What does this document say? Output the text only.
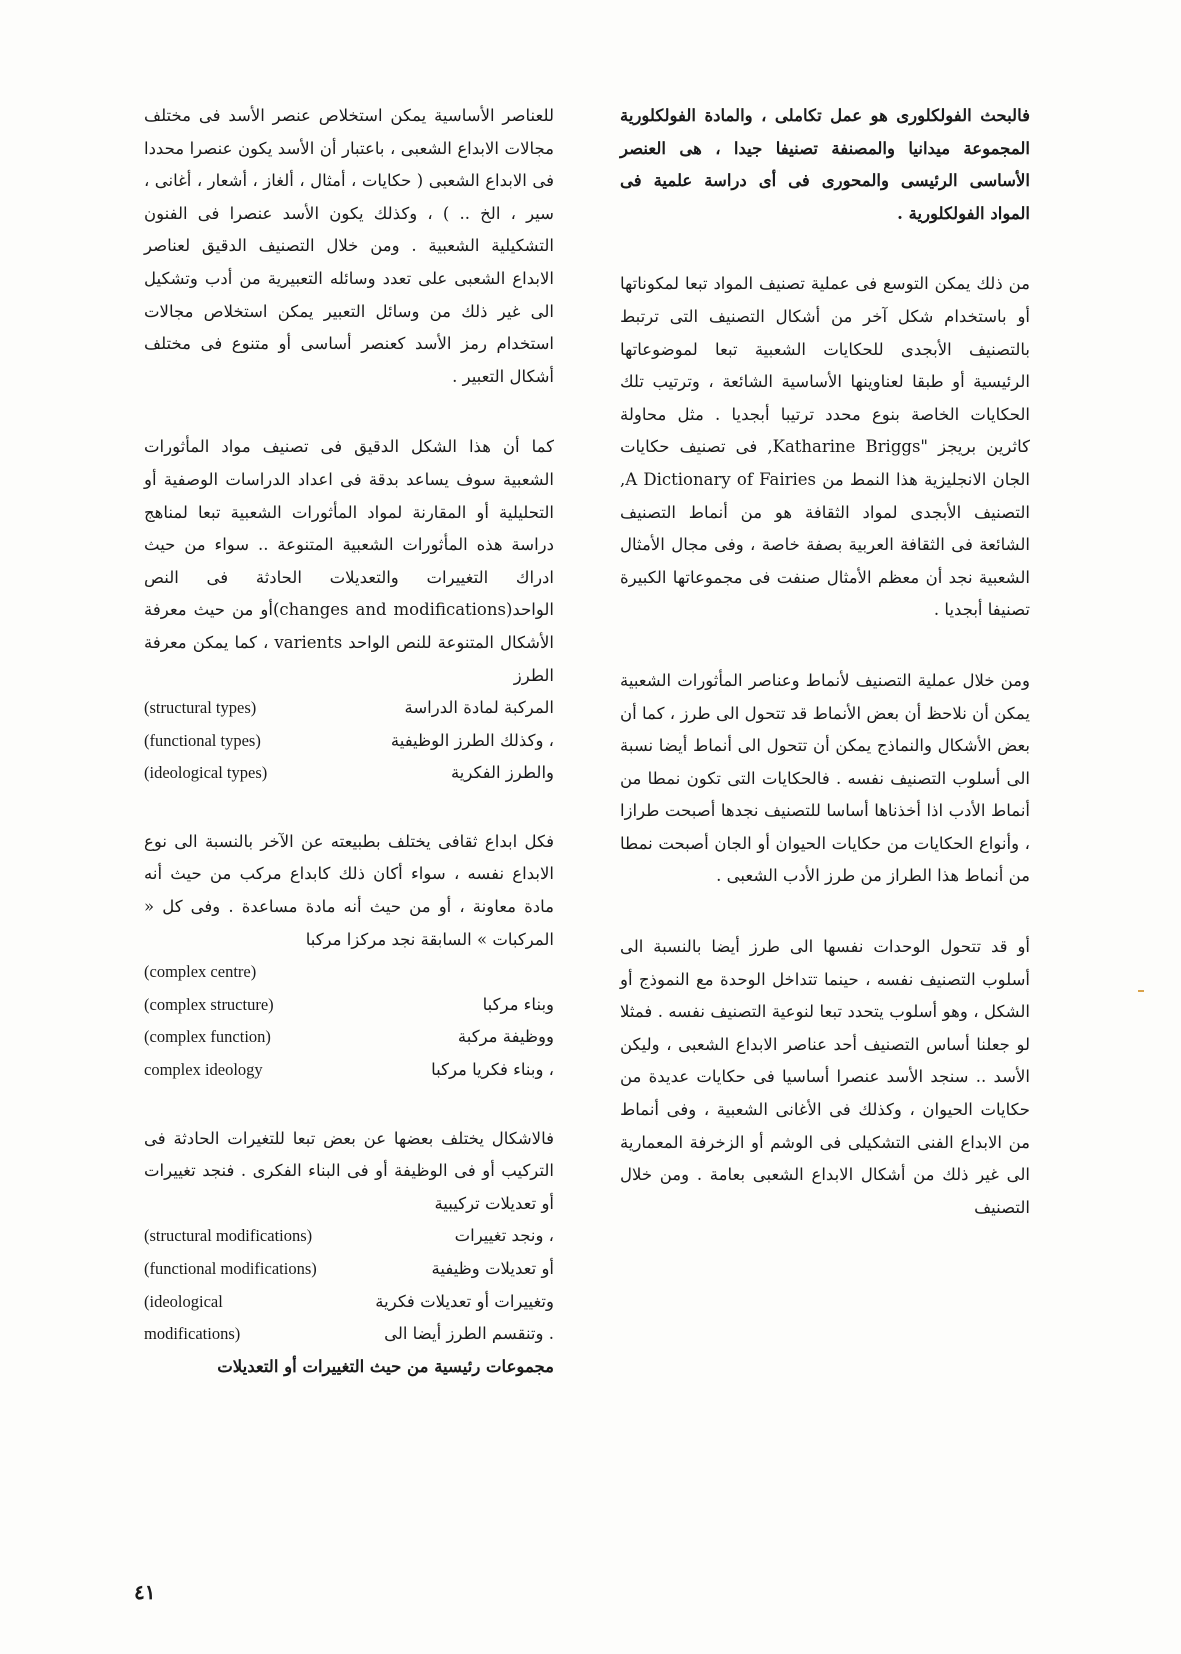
فالبحث الفولكلورى هو عمل تكاملى ، والمادة الفولكلورية المجموعة ميدانيا والمصنفة تصنيفا جيدا ، هى العنصر الأساسى الرئيسى والمحورى فى أى دراسة علمية فى المواد الفولكلورية .

من ذلك يمكن التوسع فى عملية تصنيف المواد تبعا لمكوناتها أو باستخدام شكل آخر من أشكال التصنيف التى ترتبط بالتصنيف الأبجدى للحكايات الشعبية تبعا لموضوعاتها الرئيسية أو طبقا لعناوينها الأساسية الشائعة ، وترتيب تلك الحكايات الخاصة بنوع محدد ترتيبا أبجديا . مثل محاولة كاثرين بريجز "Katharine Briggs, فى تصنيف حكايات الجان الانجليزية هذا النمط من A Dictionary of Fairies, التصنيف الأبجدى لمواد الثقافة هو من أنماط التصنيف الشائعة فى الثقافة العربية بصفة خاصة ، وفى مجال الأمثال الشعبية نجد أن معظم الأمثال صنفت فى مجموعاتها الكبيرة تصنيفا أبجديا .

ومن خلال عملية التصنيف لأنماط وعناصر المأثورات الشعبية يمكن أن نلاحظ أن بعض الأنماط قد تتحول الى طرز ، كما أن بعض الأشكال والنماذج يمكن أن تتحول الى أنماط أيضا نسبة الى أسلوب التصنيف نفسه . فالحكايات التى تكون نمطا من أنماط الأدب اذا أخذناها أساسا للتصنيف نجدها أصبحت طرازا ، وأنواع الحكايات من حكايات الحيوان أو الجان أصبحت نمطا من أنماط هذا الطراز من طرز الأدب الشعبى .

أو قد تتحول الوحدات نفسها الى طرز أيضا بالنسبة الى أسلوب التصنيف نفسه ، حينما تتداخل الوحدة مع النموذج أو الشكل ، وهو أسلوب يتحدد تبعا لنوعية التصنيف نفسه . فمثلا لو جعلنا أساس التصنيف أحد عناصر الابداع الشعبى ، وليكن الأسد .. سنجد الأسد عنصرا أساسيا فى حكايات عديدة من حكايات الحيوان ، وكذلك فى الأغانى الشعبية ، وفى أنماط من الابداع الفنى التشكيلى فى الوشم أو الزخرفة المعمارية الى غير ذلك من أشكال الابداع الشعبى بعامة . ومن خلال التصنيف

للعناصر الأساسية يمكن استخلاص عنصر الأسد فى مختلف مجالات الابداع الشعبى ، باعتبار أن الأسد يكون عنصرا محددا فى الابداع الشعبى ( حكايات ، أمثال ، ألغاز ، أشعار ، أغانى ، سير ، الخ .. ) ، وكذلك يكون الأسد عنصرا فى الفنون التشكيلية الشعبية . ومن خلال التصنيف الدقيق لعناصر الابداع الشعبى على تعدد وسائله التعبيرية من أدب وتشكيل الى غير ذلك من وسائل التعبير يمكن استخلاص مجالات استخدام رمز الأسد كعنصر أساسى أو متنوع فى مختلف أشكال التعبير .

كما أن هذا الشكل الدقيق فى تصنيف مواد المأثورات الشعبية سوف يساعد بدقة فى اعداد الدراسات الوصفية أو التحليلية أو المقارنة لمواد المأثورات الشعبية تبعا لمناهج دراسة هذه المأثورات الشعبية المتنوعة .. سواء من حيث ادراك التغييرات والتعديلات الحادثة فى النص الواحد(changes and modifications)أو من حيث معرفة الأشكال المتنوعة للنص الواحد varients ، كما يمكن معرفة الطرز

المركبة لمادة الدراسة
(structural types)
، وكذلك الطرز الوظيفية
(functional types)
والطرز الفكرية
(ideological types)

فكل ابداع ثقافى يختلف بطبيعته عن الآخر بالنسبة الى نوع الابداع نفسه ، سواء أكان ذلك كابداع مركب من حيث أنه مادة معاونة ، أو من حيث أنه مادة مساعدة . وفى كل « المركبات » السابقة نجد مركزا مركبا

(complex centre)
وبناء مركبا
(complex structure)
ووظيفة مركبة
(complex function)
، وبناء فكريا مركبا
complex ideology

فالاشكال يختلف بعضها عن بعض تبعا للتغيرات الحادثة فى التركيب أو فى الوظيفة أو فى البناء الفكرى . فنجد تغييرات أو تعديلات تركيبية

، ونجد تغييرات
(structural modifications)
أو تعديلات وظيفية
(functional modifications)
وتغييرات أو تعديلات فكرية
(ideological
. وتنقسم الطرز أيضا الى
modifications)

مجموعات رئيسية من حيث التغييرات أو التعديلات

٤١
